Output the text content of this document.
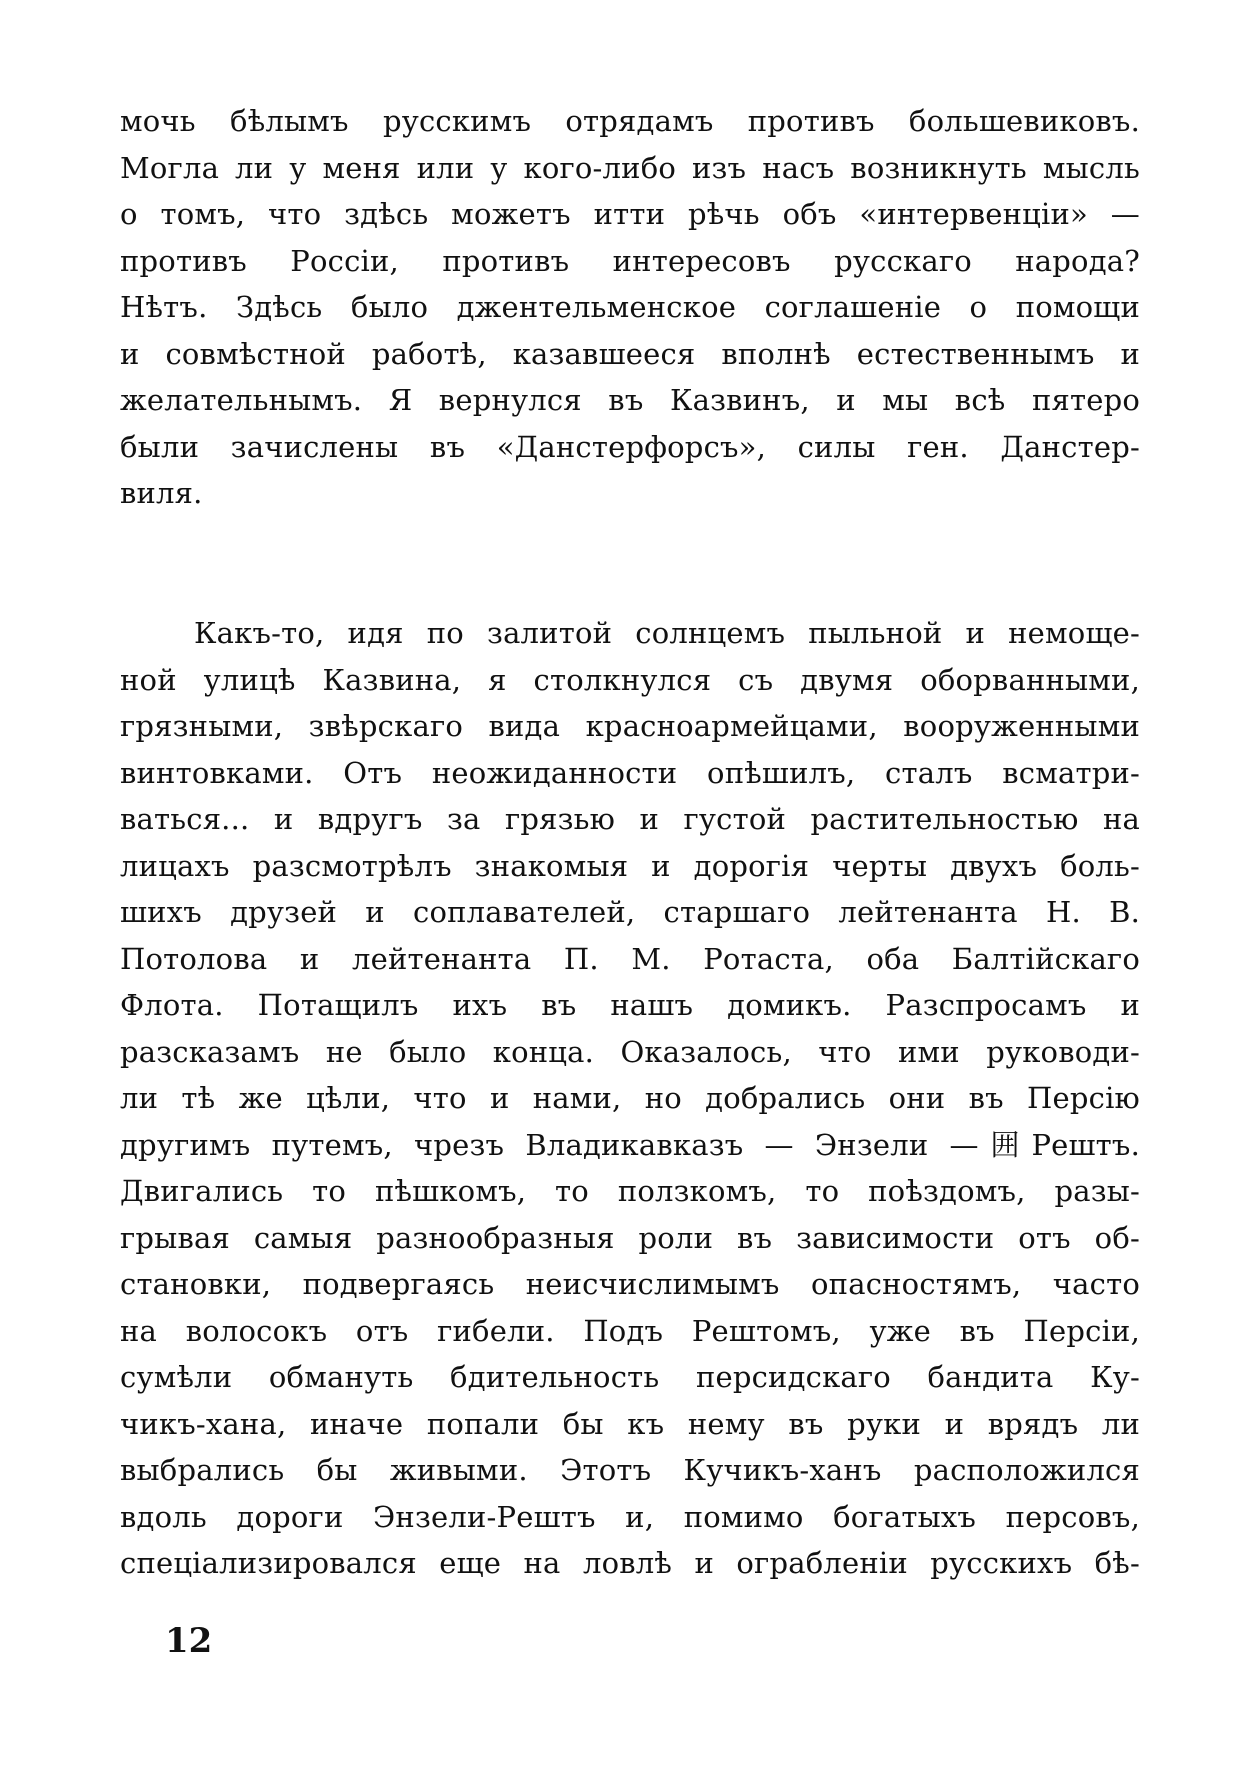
мочь бѣлымъ русскимъ отрядамъ противъ большевиковъ.
Могла ли у меня или у кого-либо изъ насъ возникнуть мысль
о томъ, что здѣсь можетъ итти рѣчь объ «интервенціи» —
противъ Россіи, противъ интересовъ русскаго народа?
Нѣтъ. Здѣсь было джентельменское соглашеніе о помощи
и совмѣстной работѣ, казавшееся вполнѣ естественнымъ и
желательнымъ. Я вернулся въ Казвинъ, и мы всѣ пятеро
были зачислены въ «Данстерфорсъ», силы ген. Данстер-
виля.
Какъ-то, идя по залитой солнцемъ пыльной и немощe-
ной улицѣ Казвина, я столкнулся съ двумя оборванными,
грязными, звѣрскаго вида красноармейцами, вооруженными
винтовками. Отъ неожиданности опѣшилъ, сталъ всматри-
ваться... и вдругъ за грязью и густой растительностью на
лицахъ разсмотрѣлъ знакомыя и дорогія черты двухъ боль-
шихъ друзей и соплавателей, старшаго лейтенанта Н. В.
Потолова и лейтенанта П. М. Ротаста, оба Балтійскаго
Флота. Потащилъ ихъ въ нашъ домикъ. Разспросамъ и
разсказамъ не было конца. Оказалось, что ими руководи-
ли тѣ же цѣли, что и нами, но добрались они въ Персію
другимъ путемъ, чрезъ Владикавказъ — Энзели —囲Рештъ.
Двигались то пѣшкомъ, то ползкомъ, то поѣздомъ, разы-
грывая самыя разнообразныя роли въ зависимости отъ об-
становки, подвергаясь неисчислимымъ опасностямъ, часто
на волосокъ отъ гибели. Подъ Рештомъ, уже въ Персіи,
сумѣли обмануть бдительность персидскаго бандита Ку-
чикъ-хана, иначе попали бы къ нему въ руки и врядъ ли
выбрались бы живыми. Этотъ Кучикъ-ханъ расположился
вдоль дороги Энзели-Рештъ и, помимо богатыхъ персовъ,
спеціализировался еще на ловлѣ и ограбленіи русскихъ бѣ-
12
